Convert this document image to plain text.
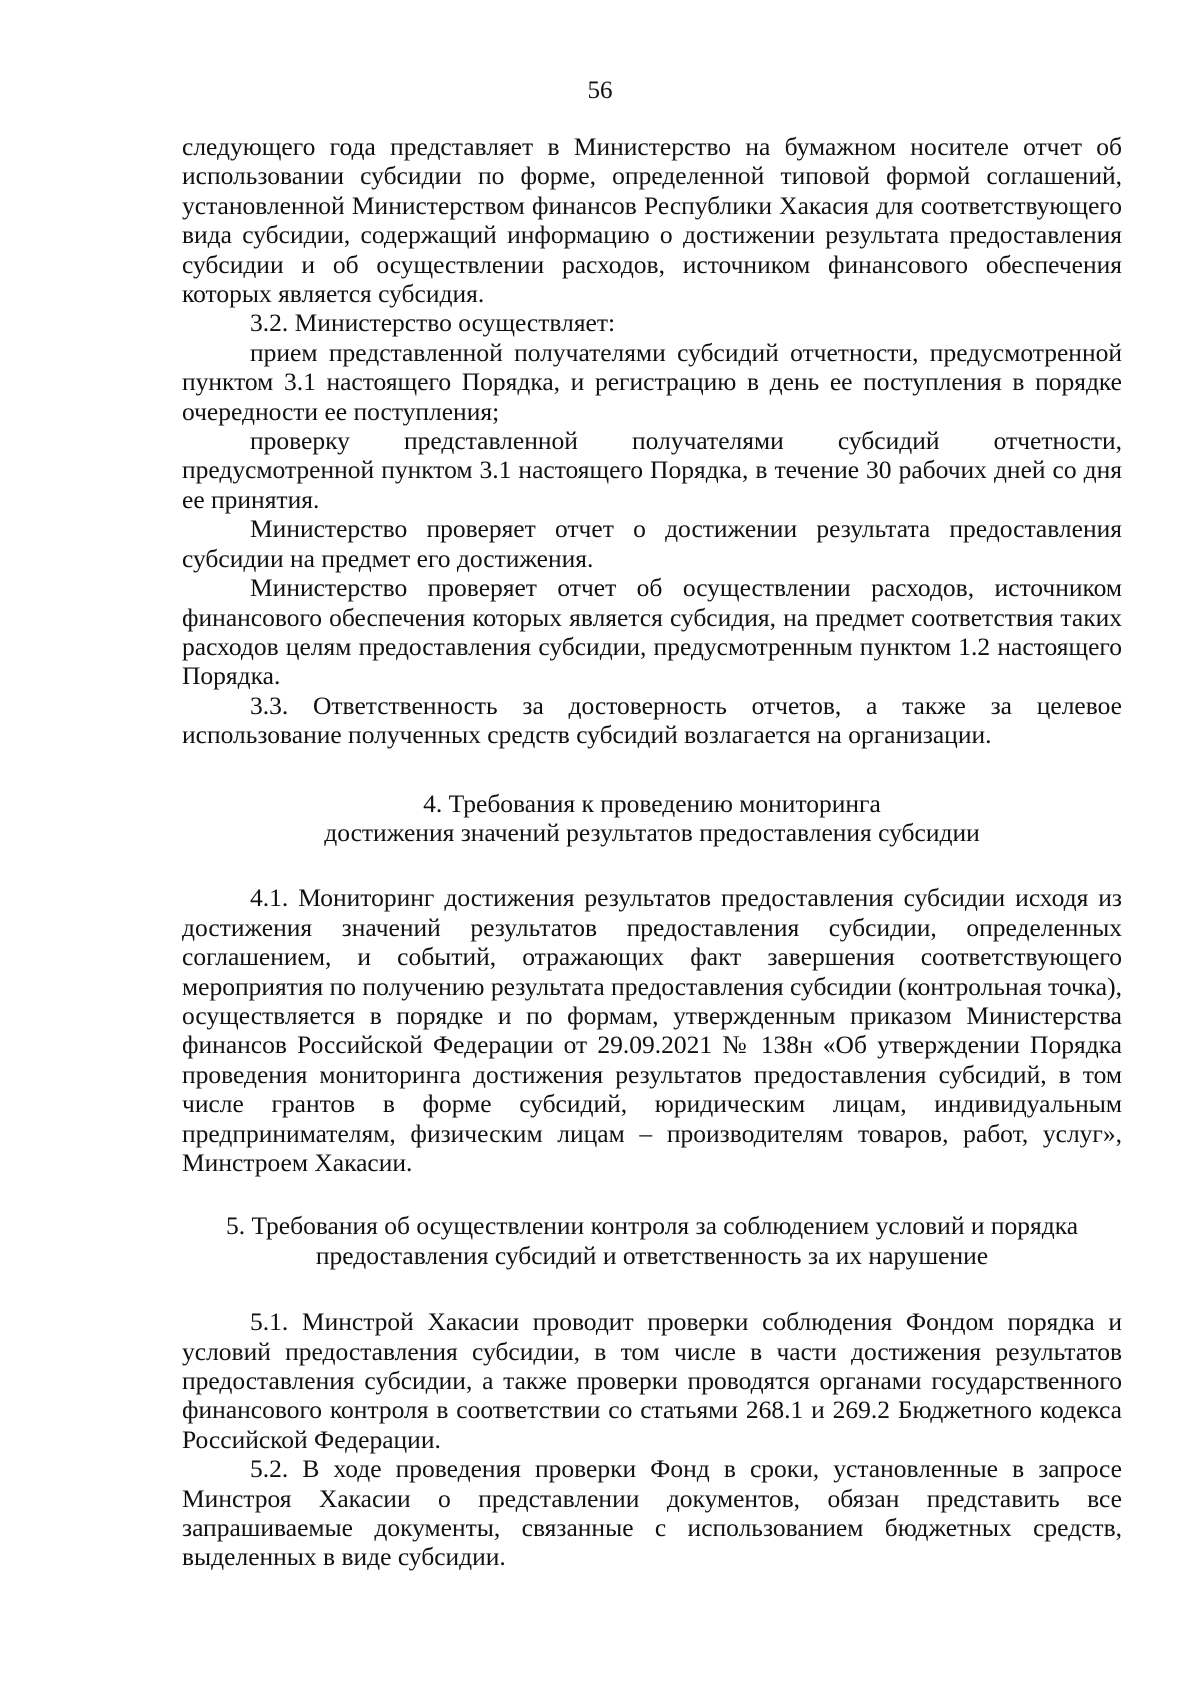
56

следующего года представляет в Министерство на бумажном носителе отчет об использовании субсидии по форме, определенной типовой формой соглашений, установленной Министерством финансов Республики Хакасия для соответствующего вида субсидии, содержащий информацию о достижении результата предоставления субсидии и об осуществлении расходов, источником финансового обеспечения которых является субсидия.

3.2. Министерство осуществляет:

прием представленной получателями субсидий отчетности, предусмотренной пунктом 3.1 настоящего Порядка, и регистрацию в день ее поступления в порядке очередности ее поступления;

проверку представленной получателями субсидий отчетности, предусмотренной пунктом 3.1 настоящего Порядка, в течение 30 рабочих дней со дня ее принятия.

Министерство проверяет отчет о достижении результата предоставления субсидии на предмет его достижения.

Министерство проверяет отчет об осуществлении расходов, источником финансового обеспечения которых является субсидия, на предмет соответствия таких расходов целям предоставления субсидии, предусмотренным пунктом 1.2 настоящего Порядка.

3.3. Ответственность за достоверность отчетов, а также за целевое использование полученных средств субсидий возлагается на организации.

4. Требования к проведению мониторинга
достижения значений результатов предоставления субсидии

4.1. Мониторинг достижения результатов предоставления субсидии исходя из достижения значений результатов предоставления субсидии, определенных соглашением, и событий, отражающих факт завершения соответствующего мероприятия по получению результата предоставления субсидии (контрольная точка), осуществляется в порядке и по формам, утвержденным приказом Министерства финансов Российской Федерации от 29.09.2021 № 138н «Об утверждении Порядка проведения мониторинга достижения результатов предоставления субсидий, в том числе грантов в форме субсидий, юридическим лицам, индивидуальным предпринимателям, физическим лицам – производителям товаров, работ, услуг», Минстроем Хакасии.

5. Требования об осуществлении контроля за соблюдением условий и порядка
предоставления субсидий и ответственность за их нарушение

5.1. Минстрой Хакасии проводит проверки соблюдения Фондом порядка и условий предоставления субсидии, в том числе в части достижения результатов предоставления субсидии, а также проверки проводятся органами государственного финансового контроля в соответствии со статьями 268.1 и 269.2 Бюджетного кодекса Российской Федерации.

5.2. В ходе проведения проверки Фонд в сроки, установленные в запросе Минстроя Хакасии о представлении документов, обязан представить все запрашиваемые документы, связанные с использованием бюджетных средств, выделенных в виде субсидии.
